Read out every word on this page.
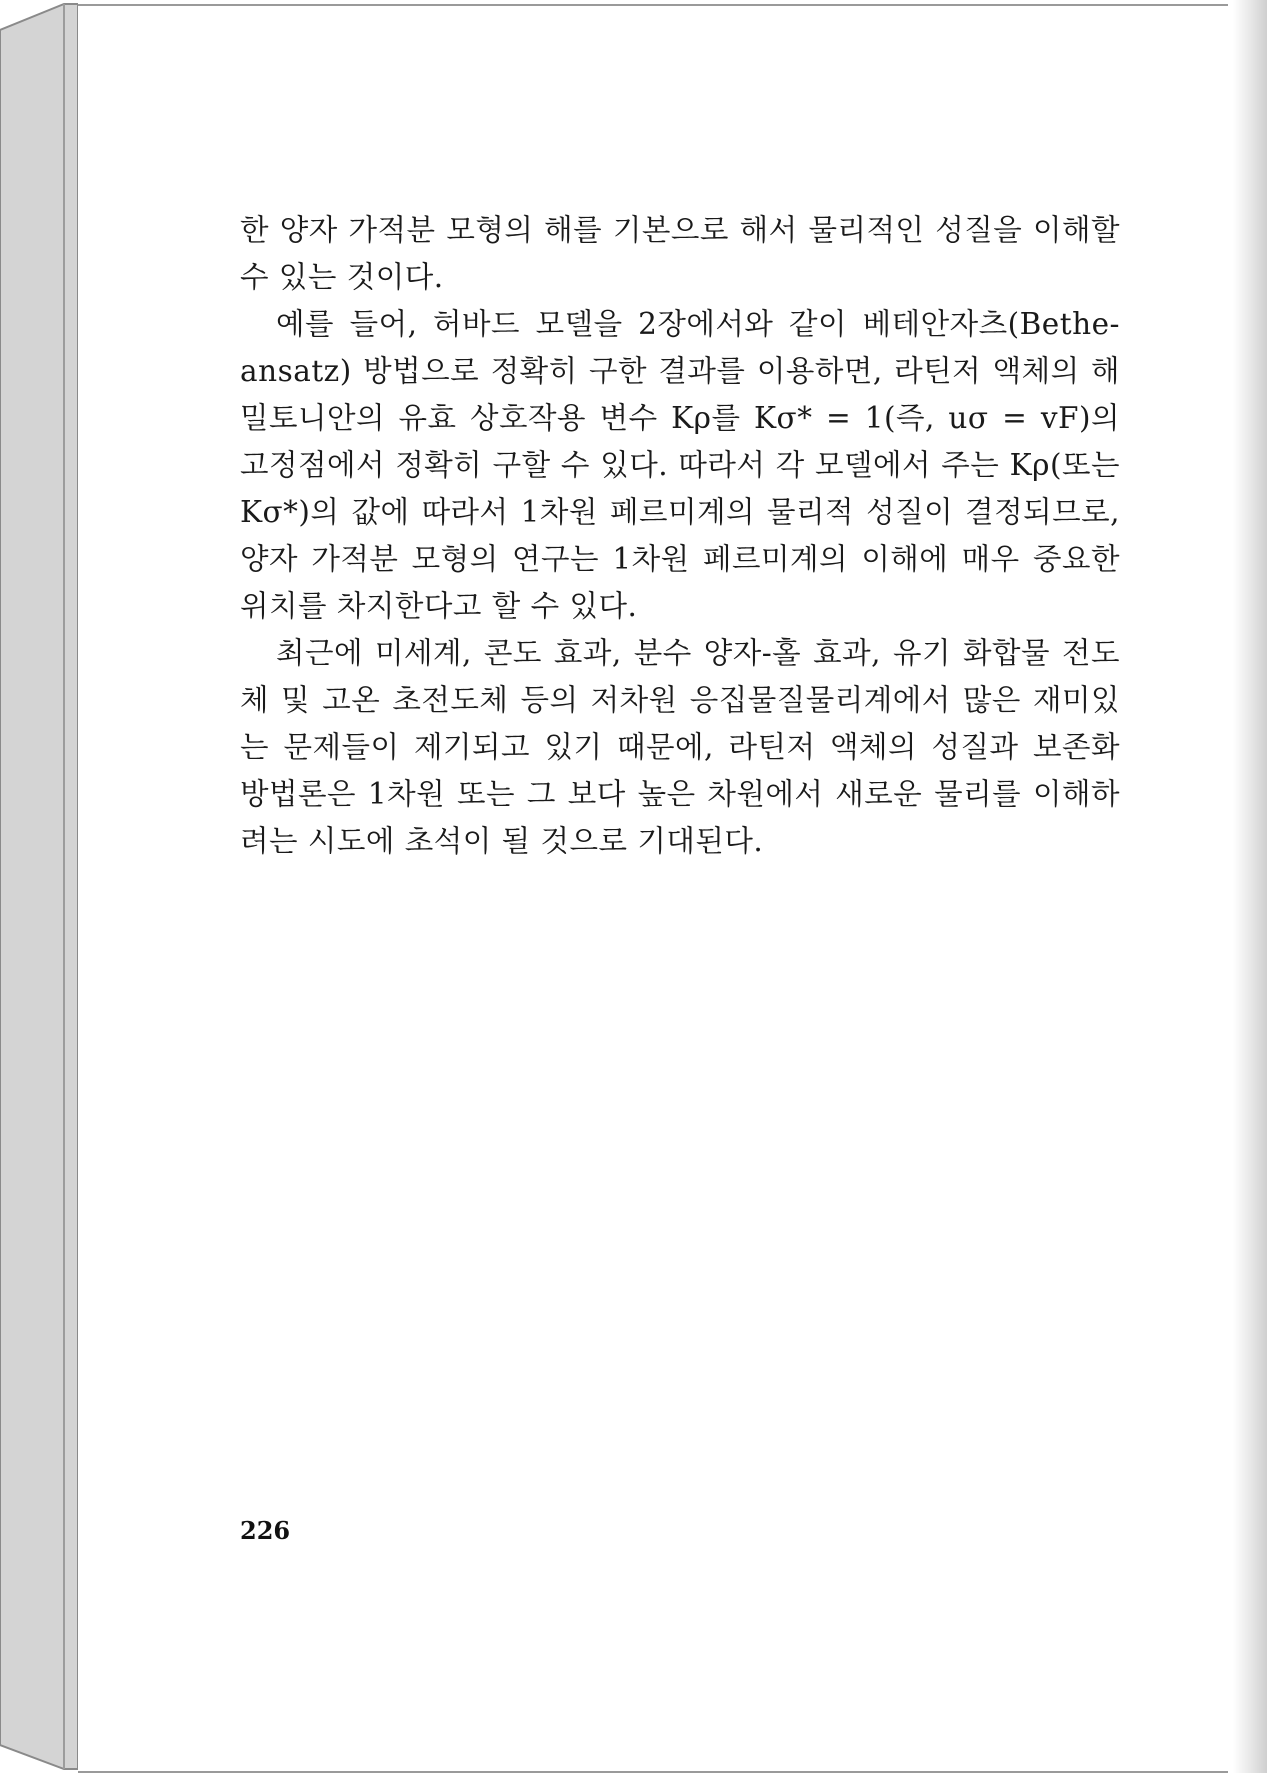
한 양자 가적분 모형의 해를 기본으로 해서 물리적인 성질을 이해할 수 있는 것이다.

예를 들어, 허바드 모델을 2장에서와 같이 베테안자츠(Bethe-ansatz) 방법으로 정확히 구한 결과를 이용하면, 라틴저 액체의 해밀토니안의 유효 상호작용 변수 Kρ를 Kσ* = 1(즉, uσ = vF)의 고정점에서 정확히 구할 수 있다. 따라서 각 모델에서 주는 Kρ(또는 Kσ*)의 값에 따라서 1차원 페르미계의 물리적 성질이 결정되므로, 양자 가적분 모형의 연구는 1차원 페르미계의 이해에 매우 중요한 위치를 차지한다고 할 수 있다.

최근에 미세계, 콘도 효과, 분수 양자-홀 효과, 유기 화합물 전도체 및 고온 초전도체 등의 저차원 응집물질물리계에서 많은 재미있는 문제들이 제기되고 있기 때문에, 라틴저 액체의 성질과 보존화 방법론은 1차원 또는 그 보다 높은 차원에서 새로운 물리를 이해하려는 시도에 초석이 될 것으로 기대된다.

226
